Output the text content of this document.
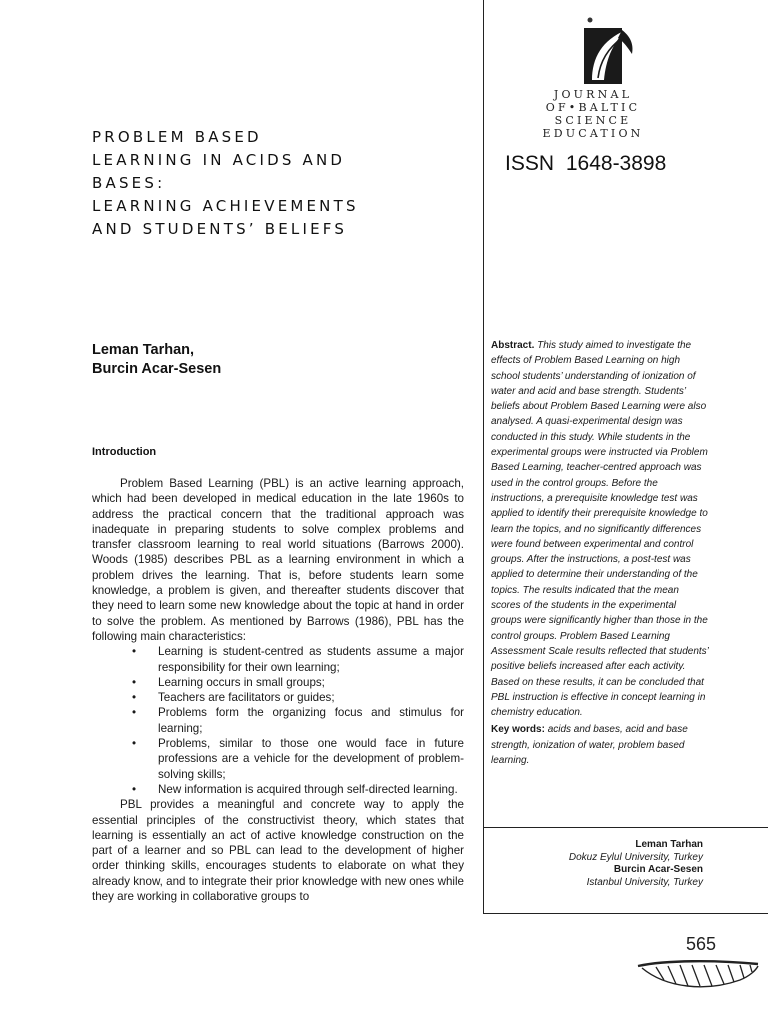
JOURNAL
OF•BALTIC
SCIENCE
EDUCATION
ISSN 1648-3898
PROBLEM BASED
LEARNING IN ACIDS AND
BASES:
LEARNING ACHIEVEMENTS
AND STUDENTS’ BELIEFS
Leman Tarhan,
Burcin Acar-Sesen
Introduction

Problem Based Learning (PBL) is an active learning approach, which had been developed in medical education in the late 1960s to address the practical concern that the traditional approach was inadequate in preparing students to solve complex problems and transfer classroom learning to real world situations (Barrows 2000). Woods (1985) describes PBL as a learning environment in which a problem drives the learning. That is, before students learn some knowledge, a problem is given, and thereafter students discover that they need to learn some new knowledge about the topic at hand in order to solve the problem. As mentioned by Barrows (1986), PBL has the following main characteristics:

• Learning is student-centred as students assume a major responsibility for their own learning;
• Learning occurs in small groups;
• Teachers are facilitators or guides;
• Problems form the organizing focus and stimulus for learning;
• Problems, similar to those one would face in future professions are a vehicle for the development of problem-solving skills;
• New information is acquired through self-directed learning.

PBL provides a meaningful and concrete way to apply the essential principles of the constructivist theory, which states that learning is essentially an act of active knowledge construction on the part of a learner and so PBL can lead to the development of higher order thinking skills, encourages students to elaborate on what they already know, and to integrate their prior knowledge with new ones while they are working in collaborative groups to

Abstract. This study aimed to investigate the effects of Problem Based Learning on high school students’ understanding of ionization of water and acid and base strength. Students’ beliefs about Problem Based Learning were also analysed. A quasi-experimental design was conducted in this study. While students in the experimental groups were instructed via Problem Based Learning, teacher-centred approach was used in the control groups. Before the instructions, a prerequisite knowledge test was applied to identify their prerequisite knowledge to learn the topics, and no significantly differences were found between experimental and control groups. After the instructions, a post-test was applied to determine their understanding of the topics. The results indicated that the mean scores of the students in the experimental groups were significantly higher than those in the control groups. Problem Based Learning Assessment Scale results reflected that students’ positive beliefs increased after each activity. Based on these results, it can be concluded that PBL instruction is effective in concept learning in chemistry education.

Key words: acids and bases, acid and base strength, ionization of water, problem based learning.

Leman Tarhan
Dokuz Eylul University, Turkey
Burcin Acar-Sesen
Istanbul University, Turkey
565
